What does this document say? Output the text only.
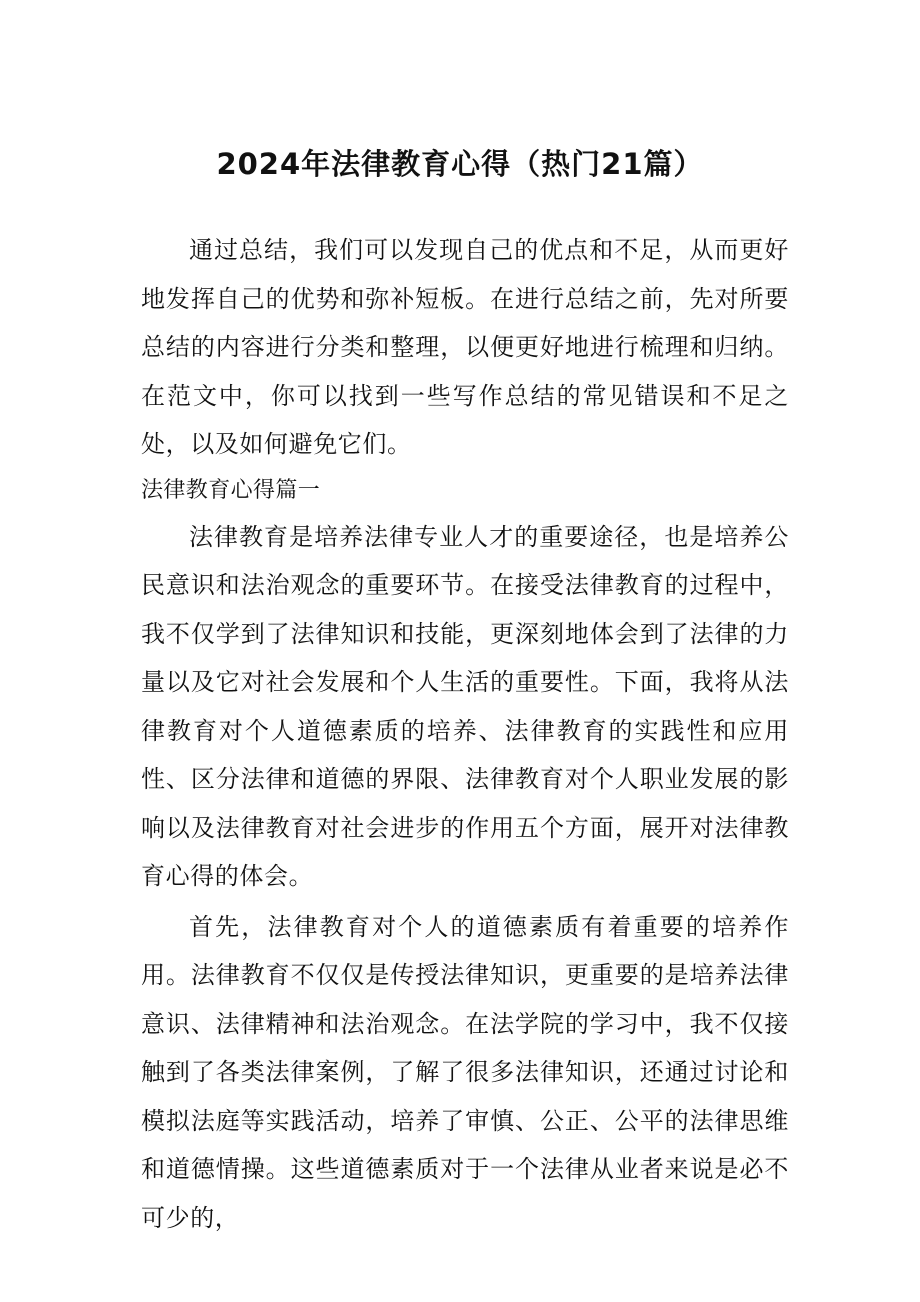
2024年法律教育心得（热门21篇）

通过总结，我们可以发现自己的优点和不足，从而更好地发挥自己的优势和弥补短板。在进行总结之前，先对所要总结的内容进行分类和整理，以便更好地进行梳理和归纳。在范文中，你可以找到一些写作总结的常见错误和不足之处，以及如何避免它们。

法律教育心得篇一

法律教育是培养法律专业人才的重要途径，也是培养公民意识和法治观念的重要环节。在接受法律教育的过程中，我不仅学到了法律知识和技能，更深刻地体会到了法律的力量以及它对社会发展和个人生活的重要性。下面，我将从法律教育对个人道德素质的培养、法律教育的实践性和应用性、区分法律和道德的界限、法律教育对个人职业发展的影响以及法律教育对社会进步的作用五个方面，展开对法律教育心得的体会。

首先，法律教育对个人的道德素质有着重要的培养作用。法律教育不仅仅是传授法律知识，更重要的是培养法律意识、法律精神和法治观念。在法学院的学习中，我不仅接触到了各类法律案例，了解了很多法律知识，还通过讨论和模拟法庭等实践活动，培养了审慎、公正、公平的法律思维和道德情操。这些道德素质对于一个法律从业者来说是必不可少的，
